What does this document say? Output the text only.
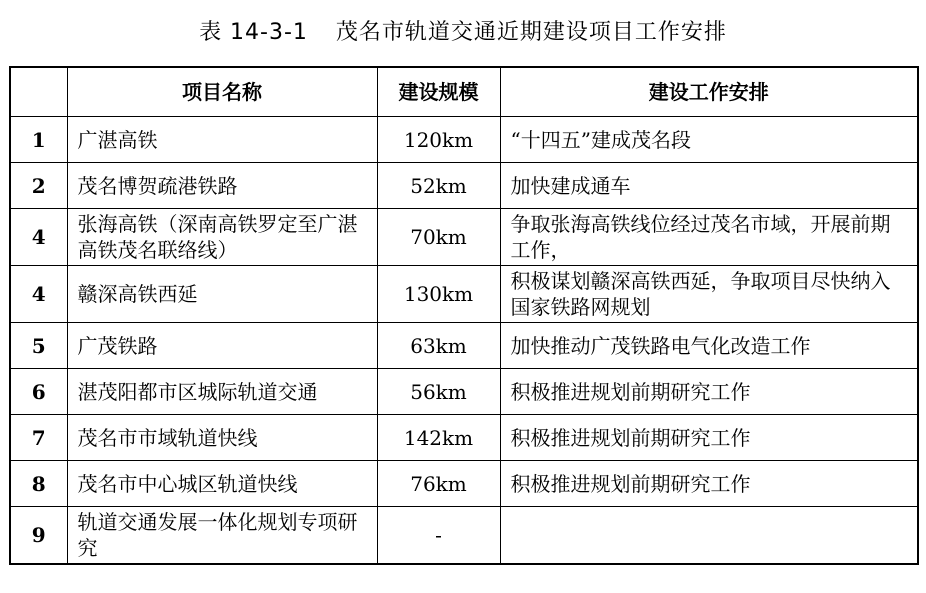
表 14-3-1 茂名市轨道交通近期建设项目工作安排
	项目名称	建设规模	建设工作安排
1	广湛高铁	120km	“十四五”建成茂名段
2	茂名博贺疏港铁路	52km	加快建成通车
4	张海高铁（深南高铁罗定至广湛高铁茂名联络线）	70km	争取张海高铁线位经过茂名市域，开展前期工作，
4	赣深高铁西延	130km	积极谋划赣深高铁西延，争取项目尽快纳入国家铁路网规划
5	广茂铁路	63km	加快推动广茂铁路电气化改造工作
6	湛茂阳都市区城际轨道交通	56km	积极推进规划前期研究工作
7	茂名市市域轨道快线	142km	积极推进规划前期研究工作
8	茂名市中心城区轨道快线	76km	积极推进规划前期研究工作
9	轨道交通发展一体化规划专项研究	-	
